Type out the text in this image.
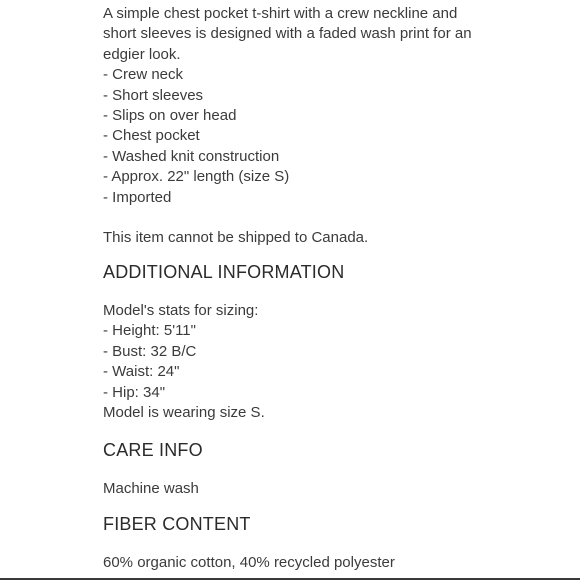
A simple chest pocket t-shirt with a crew neckline and
short sleeves is designed with a faded wash print for an
edgier look.
- Crew neck
- Short sleeves
- Slips on over head
- Chest pocket
- Washed knit construction
- Approx. 22" length (size S)
- Imported
This item cannot be shipped to Canada.
ADDITIONAL INFORMATION
Model's stats for sizing:
- Height: 5'11"
- Bust: 32 B/C
- Waist: 24"
- Hip: 34"
Model is wearing size S.
CARE INFO
Machine wash
FIBER CONTENT
60% organic cotton, 40% recycled polyester
